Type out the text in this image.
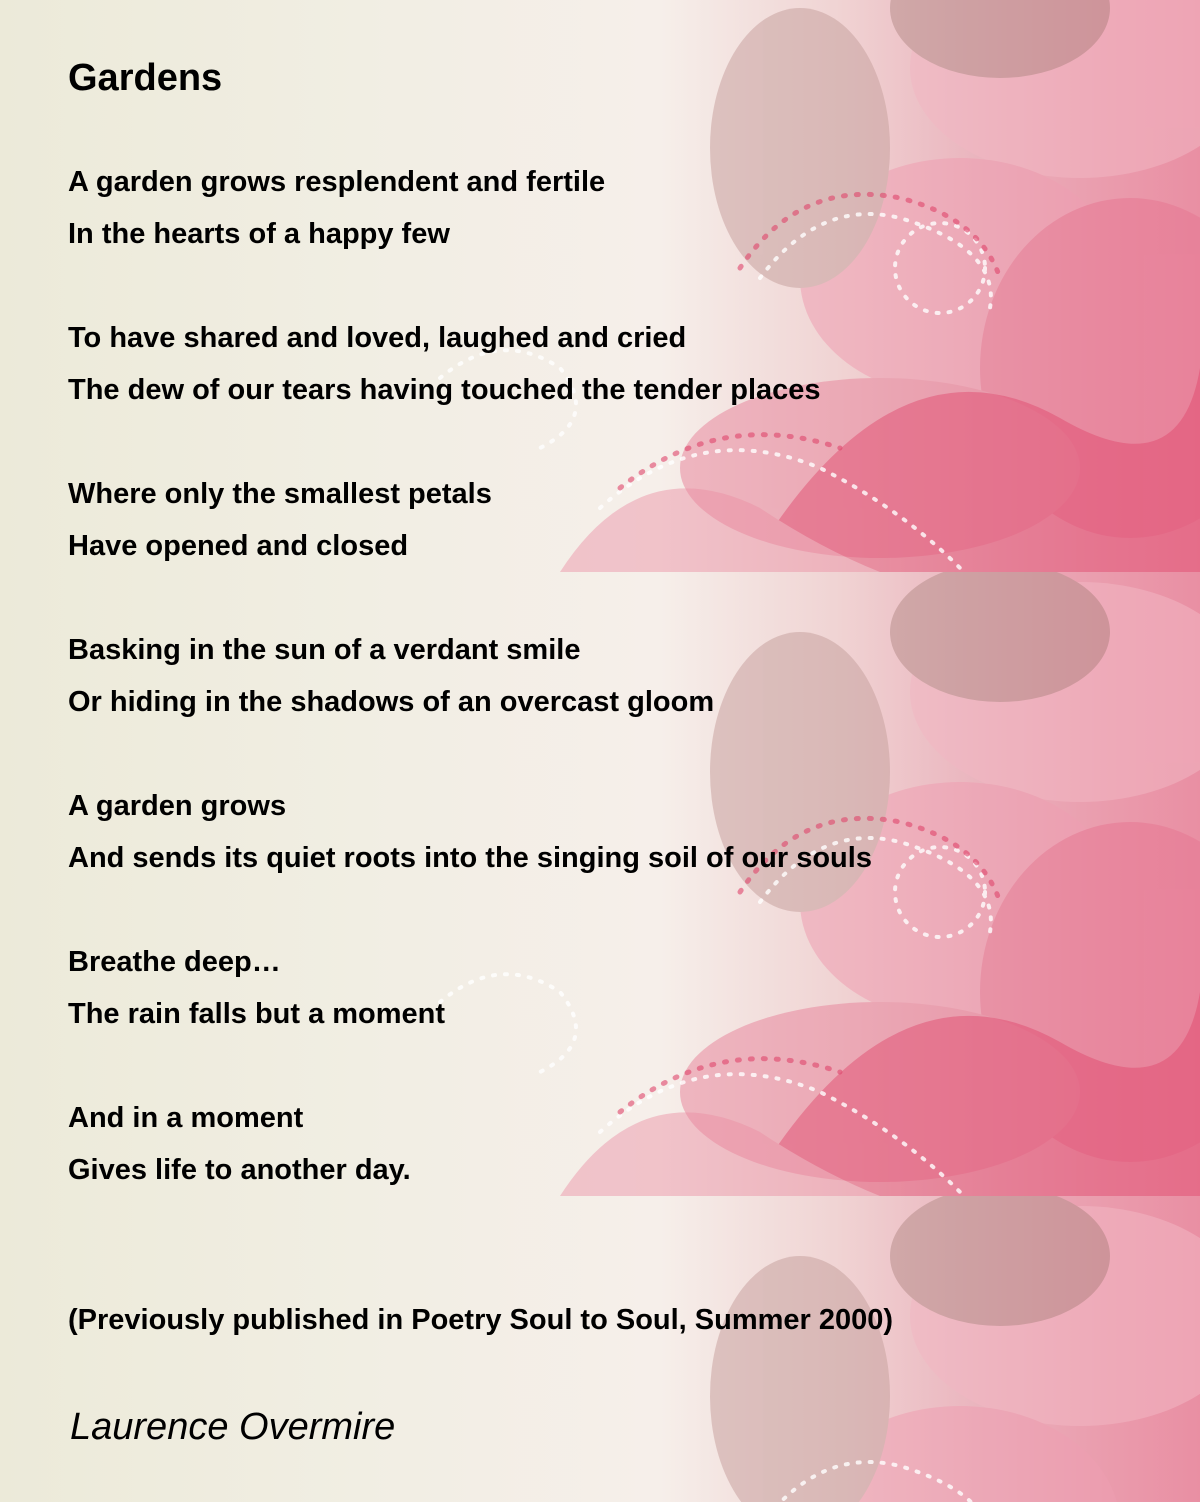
Gardens
A garden grows resplendent and fertile
In the hearts of a happy few
To have shared and loved, laughed and cried
The dew of our tears having touched the tender places
Where only the smallest petals
Have opened and closed
Basking in the sun of a verdant smile
Or hiding in the shadows of an overcast gloom
A garden grows
And sends its quiet roots into the singing soil of our souls
Breathe deep…
The rain falls but a moment
And in a moment
Gives life to another day.
(Previously published in Poetry Soul to Soul, Summer 2000)
Laurence Overmire
